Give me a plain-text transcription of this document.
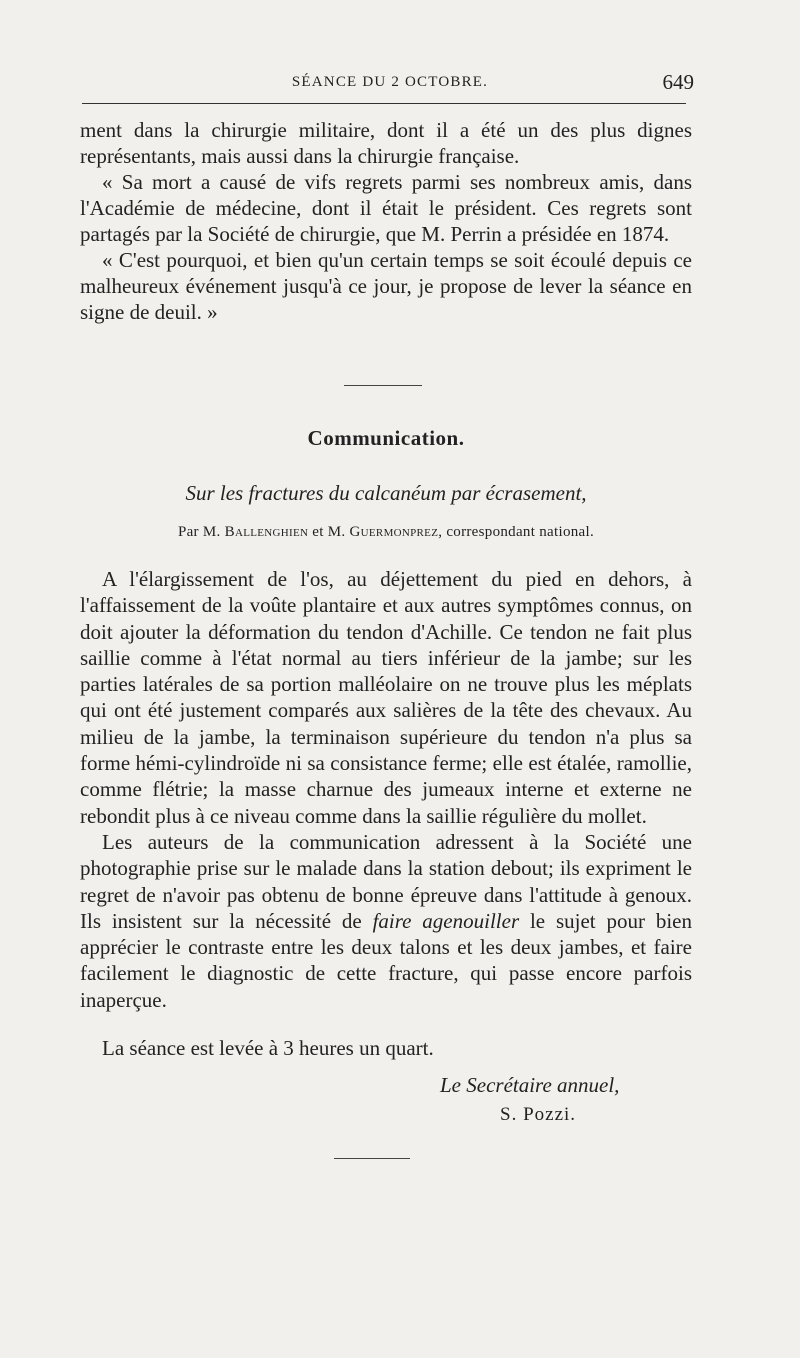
SÉANCE DU 2 OCTOBRE.	649

ment dans la chirurgie militaire, dont il a été un des plus dignes représentants, mais aussi dans la chirurgie française.

« Sa mort a causé de vifs regrets parmi ses nombreux amis, dans l'Académie de médecine, dont il était le président. Ces regrets sont partagés par la Société de chirurgie, que M. Perrin a présidée en 1874.

« C'est pourquoi, et bien qu'un certain temps se soit écoulé depuis ce malheureux événement jusqu'à ce jour, je propose de lever la séance en signe de deuil. »

Communication.
Sur les fractures du calcanéum par écrasement,
Par M. Ballenghien et M. Guermonprez, correspondant national.

A l'élargissement de l'os, au déjettement du pied en dehors, à l'affaissement de la voûte plantaire et aux autres symptômes connus, on doit ajouter la déformation du tendon d'Achille. Ce tendon ne fait plus saillie comme à l'état normal au tiers inférieur de la jambe; sur les parties latérales de sa portion malléolaire on ne trouve plus les méplats qui ont été justement comparés aux salières de la tête des chevaux. Au milieu de la jambe, la terminaison supérieure du tendon n'a plus sa forme hémi-cylindroïde ni sa consistance ferme; elle est étalée, ramollie, comme flétrie; la masse charnue des jumeaux interne et externe ne rebondit plus à ce niveau comme dans la saillie régulière du mollet.

Les auteurs de la communication adressent à la Société une photographie prise sur le malade dans la station debout; ils expriment le regret de n'avoir pas obtenu de bonne épreuve dans l'attitude à genoux. Ils insistent sur la nécessité de faire agenouiller le sujet pour bien apprécier le contraste entre les deux talons et les deux jambes, et faire facilement le diagnostic de cette fracture, qui passe encore parfois inaperçue.

La séance est levée à 3 heures un quart.
Le Secrétaire annuel,
S. Pozzi.
